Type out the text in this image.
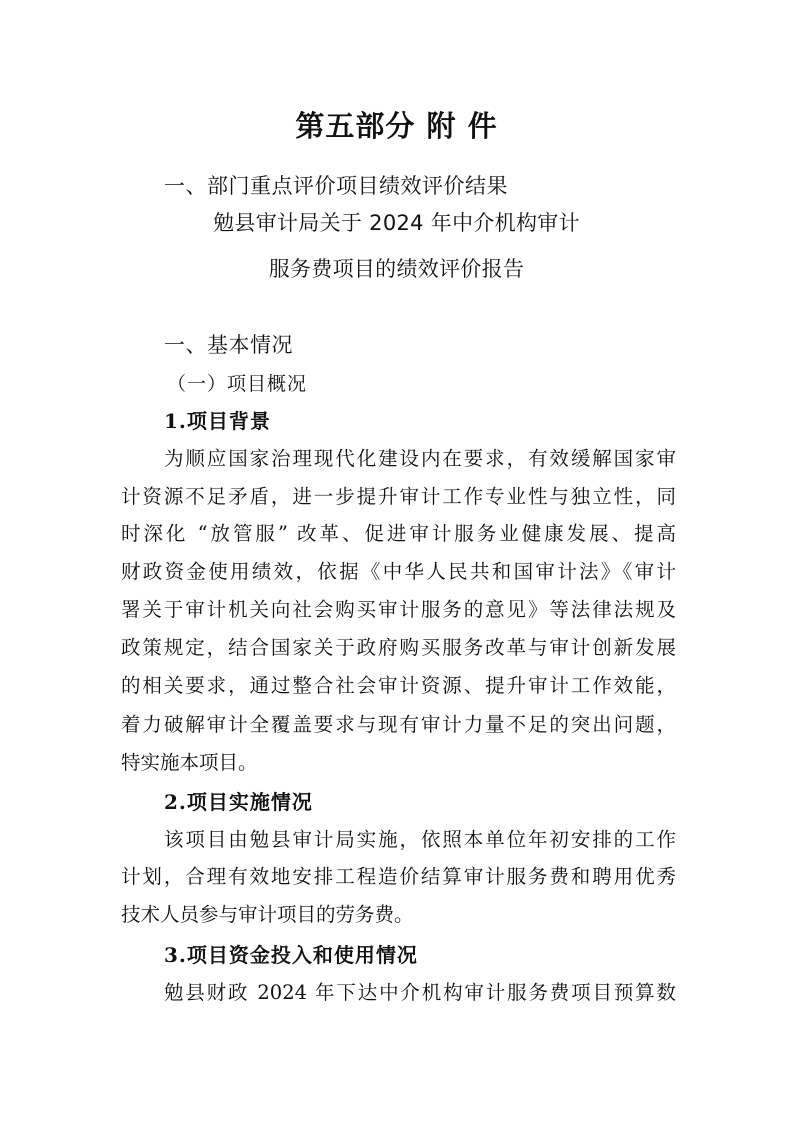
第五部分 附 件
一、部门重点评价项目绩效评价结果
勉县审计局关于 2024 年中介机构审计
服务费项目的绩效评价报告
一、基本情况
（一）项目概况
1.项目背景
为顺应国家治理现代化建设内在要求，有效缓解国家审
计资源不足矛盾，进一步提升审计工作专业性与独立性，同
时深化 “放管服” 改革、促进审计服务业健康发展、提高
财政资金使用绩效，依据《中华人民共和国审计法》《审计
署关于审计机关向社会购买审计服务的意见》等法律法规及
政策规定，结合国家关于政府购买服务改革与审计创新发展
的相关要求，通过整合社会审计资源、提升审计工作效能，
着力破解审计全覆盖要求与现有审计力量不足的突出问题，
特实施本项目。
2.项目实施情况
该项目由勉县审计局实施，依照本单位年初安排的工作
计划，合理有效地安排工程造价结算审计服务费和聘用优秀
技术人员参与审计项目的劳务费。
3.项目资金投入和使用情况
勉县财政 2024 年下达中介机构审计服务费项目预算数
